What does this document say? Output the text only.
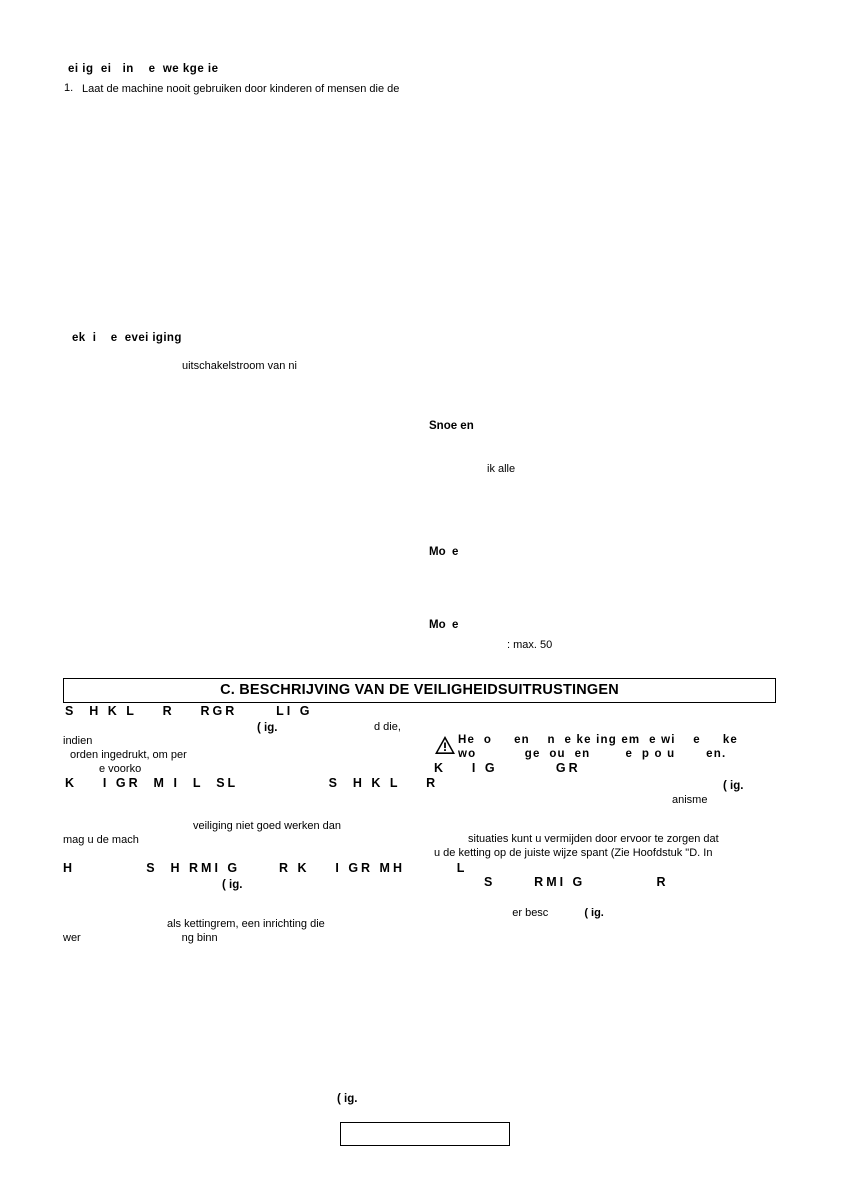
ei ig  ei   in    e  we kge ie
1. Laat de machine nooit gebruiken door kinderen of mensen die de
ek  i    e  evei iging
uitschakelstroom van ni
Snoe en
ik alle
Mo  e
Mo  e
: max. 50
C. BESCHRIJVING VAN DE VEILIGHEIDSUITRUSTINGEN
S  H K L    R    RGR      LI G
( ig.	d die,
indien
orden ingedrukt, om per
e voorko
K    I GR  M I  L  SL              S  H K L    R
veiliging niet goed werken dan
mag u de mach
H           S  H RMI G      R K    I GR MH        L
( ig.
als kettingrem, een inrichting die
wer                                 ng binn
He  o     en    n  e ke ing em  e wi    e     ke
wo           ge  ou  en        e  p o u       en.
K    I G         GR
( ig.
anisme
situaties kunt u vermijden door ervoor te zorgen dat
u de ketting op de juiste wijze spant (Zie Hoofdstuk "D. In
S      RMI G           R

er besc	( ig.

( ig.
